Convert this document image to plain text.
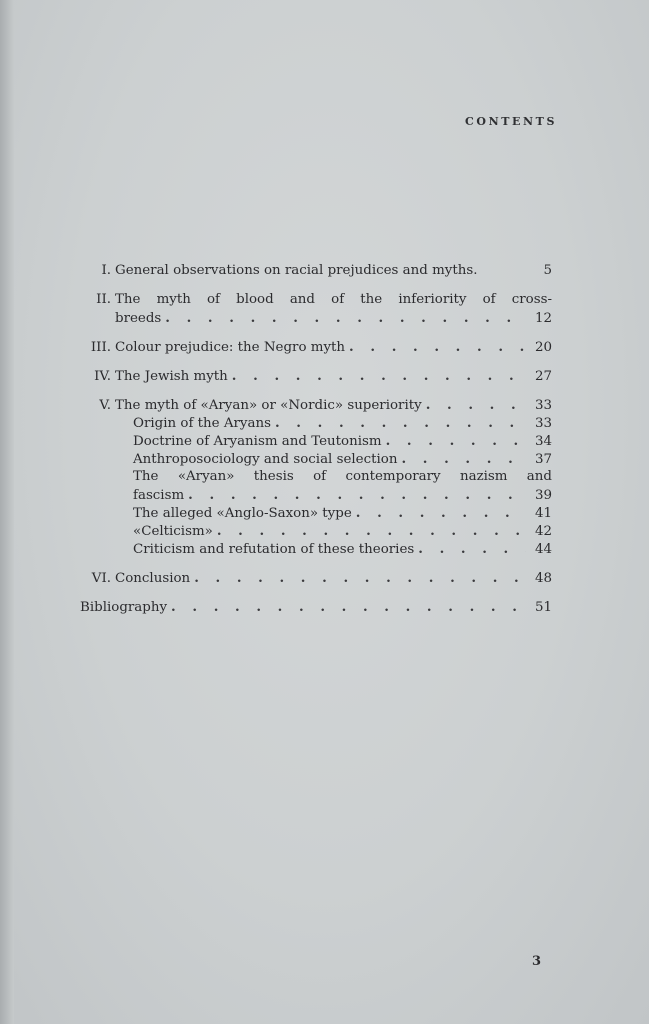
CONTENTS
I. General observations on racial prejudices and myths.	5
II. The myth of blood and of the inferiority of cross-
breeds . . .	12
III. Colour prejudice: the Negro myth . . .	20
IV. The Jewish myth . . .	27
V. The myth of «Aryan» or «Nordic» superiority . . .	33
Origin of the Aryans . . .	33
Doctrine of Aryanism and Teutonism . . .	34
Anthroposociology and social selection . . .	37
The «Aryan» thesis of contemporary nazism and
fascism . . .	39
The alleged «Anglo-Saxon» type . . .	41
«Celticism» . . .	42
Criticism and refutation of these theories . . .	44
VI. Conclusion . . .	48
Bibliography . . .	51
3
